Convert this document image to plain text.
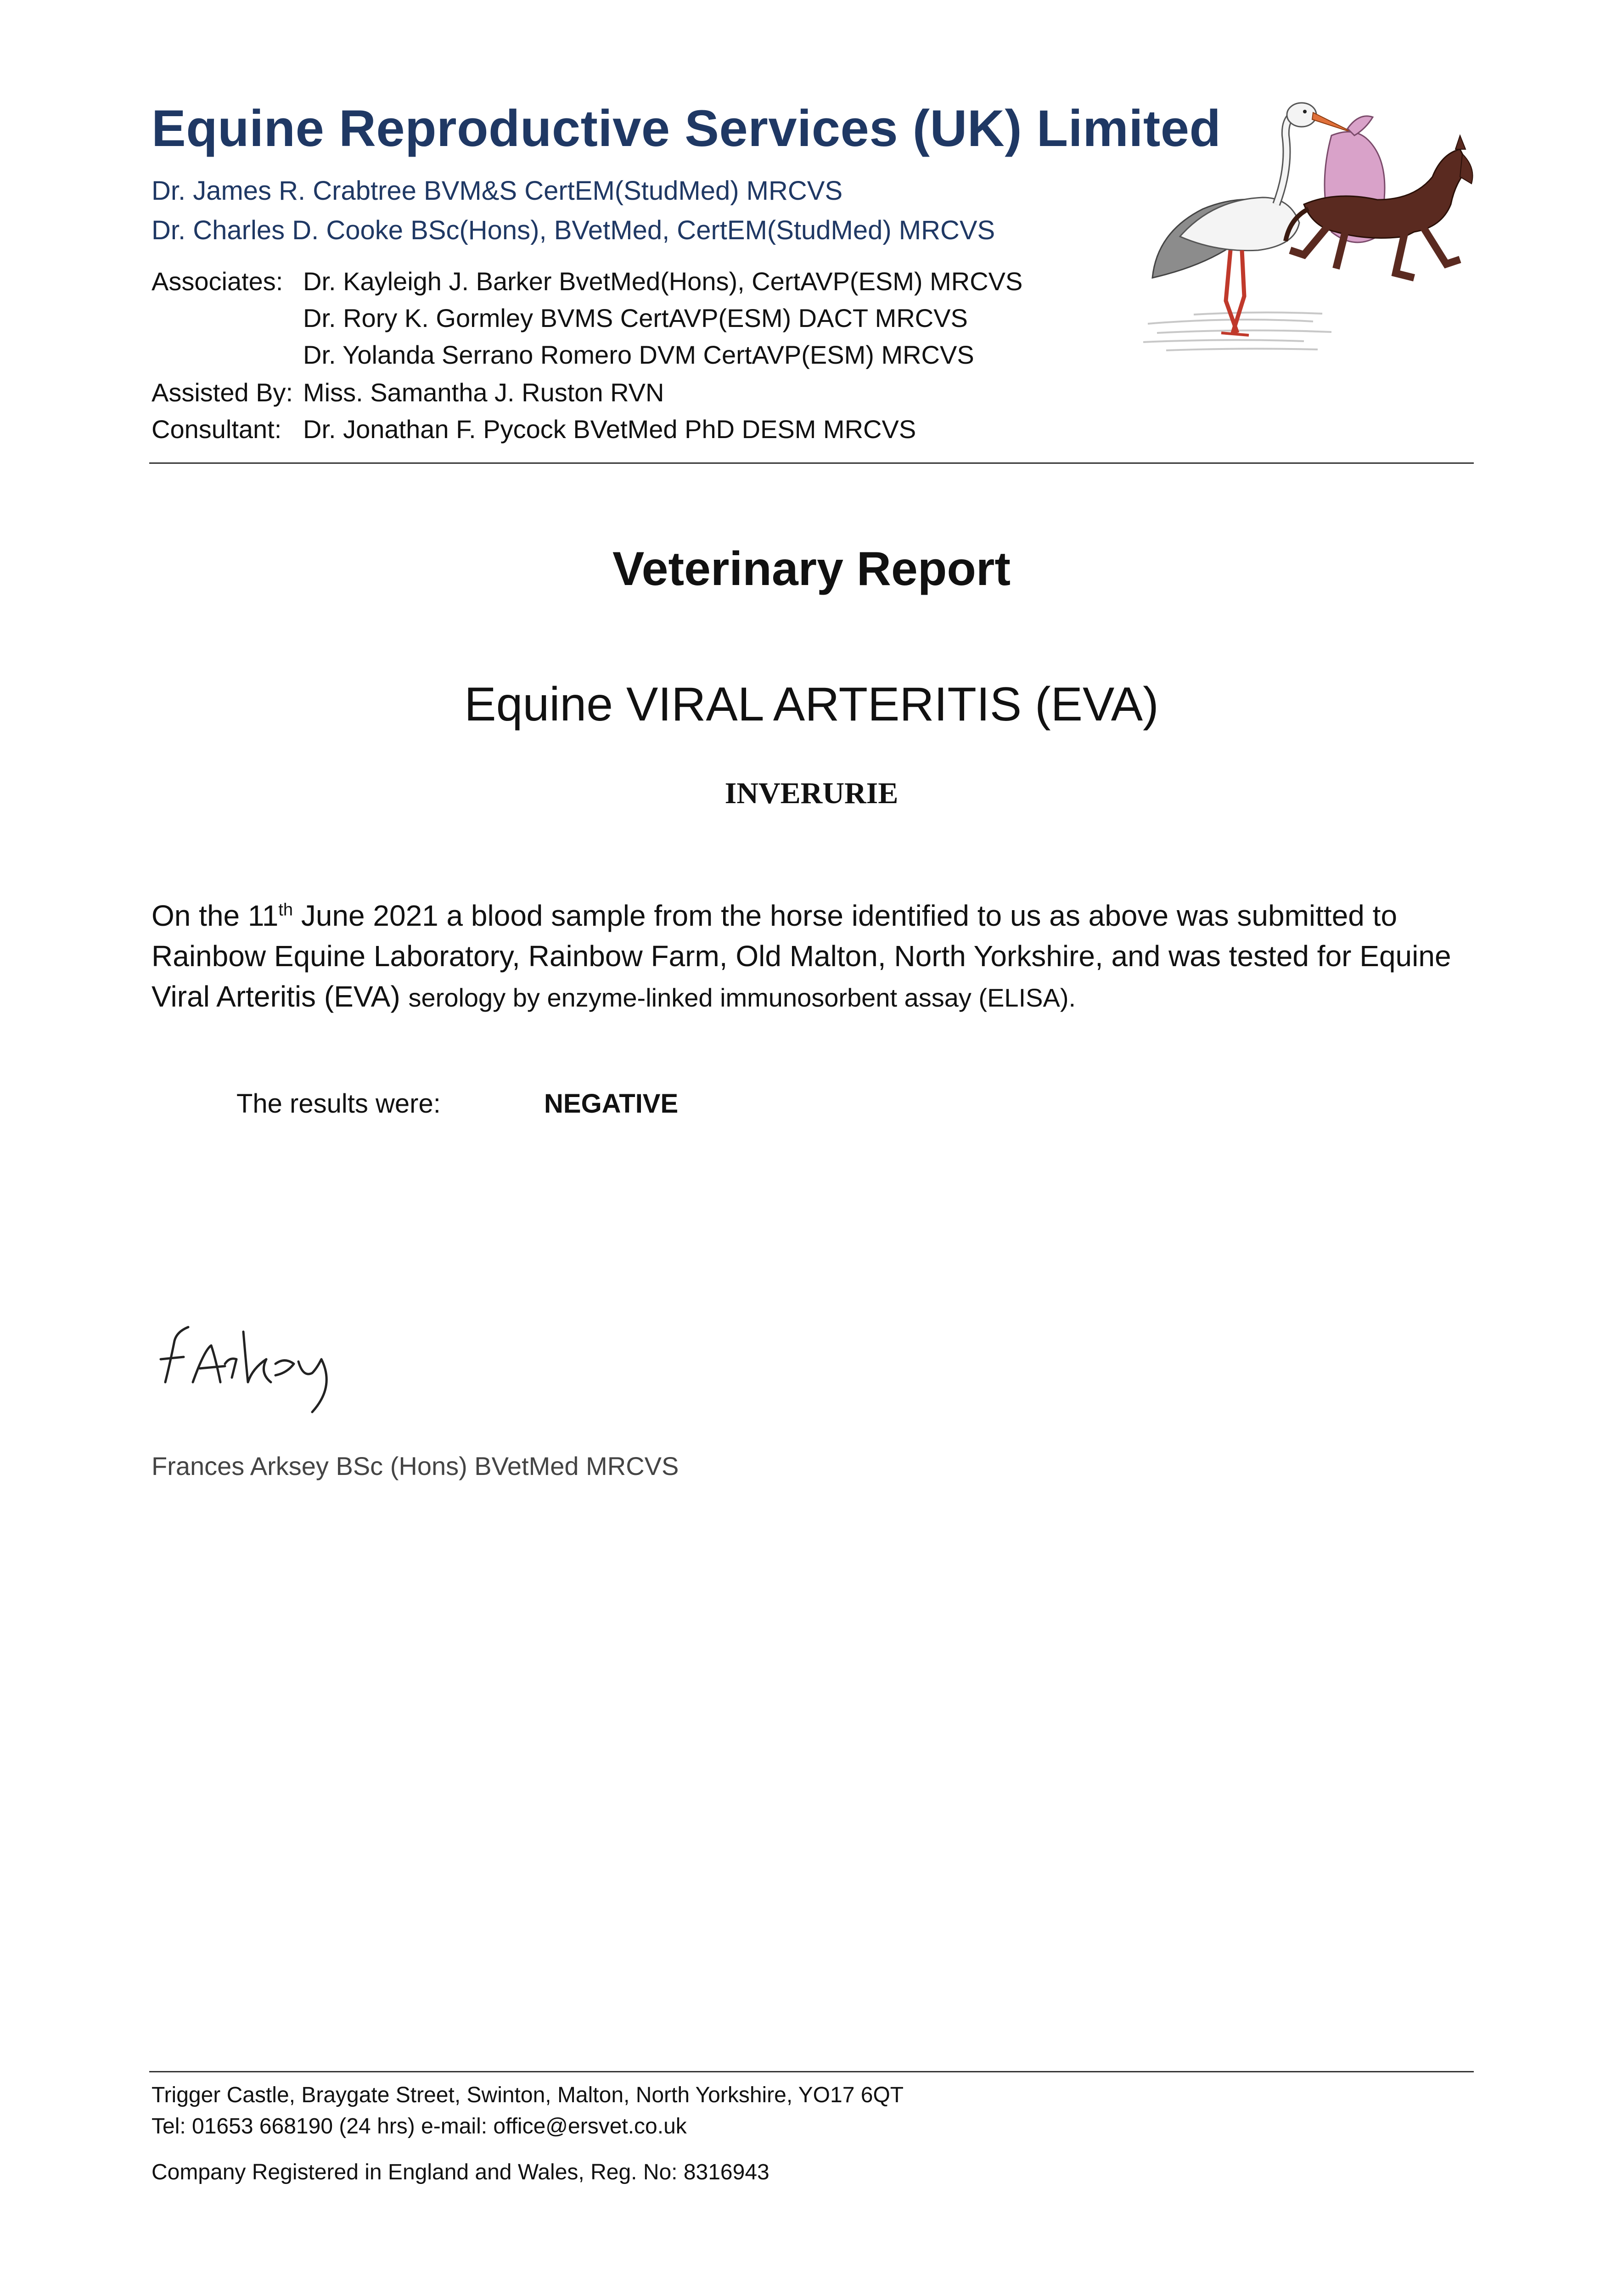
Equine Reproductive Services (UK) Limited
Dr. James R. Crabtree BVM&S CertEM(StudMed) MRCVS
Dr. Charles D. Cooke BSc(Hons), BVetMed, CertEM(StudMed) MRCVS
Associates: Dr. Kayleigh J. Barker BvetMed(Hons), CertAVP(ESM) MRCVS
Dr. Rory K. Gormley BVMS CertAVP(ESM) DACT MRCVS
Dr. Yolanda Serrano Romero DVM CertAVP(ESM) MRCVS
Assisted By: Miss. Samantha J. Ruston RVN
Consultant: Dr. Jonathan F. Pycock BVetMed PhD DESM MRCVS
Veterinary Report
Equine VIRAL ARTERITIS (EVA)
INVERURIE

On the 11th June 2021 a blood sample from the horse identified to us as above was submitted to Rainbow Equine Laboratory, Rainbow Farm, Old Malton, North Yorkshire, and was tested for Equine Viral Arteritis (EVA) serology by enzyme-linked immunosorbent assay (ELISA).

The results were:	NEGATIVE
Frances Arksey BSc (Hons) BVetMed MRCVS
Trigger Castle, Braygate Street, Swinton, Malton, North Yorkshire, YO17 6QT
Tel: 01653 668190 (24 hrs) e-mail: office@ersvet.co.uk
Company Registered in England and Wales, Reg. No: 8316943
